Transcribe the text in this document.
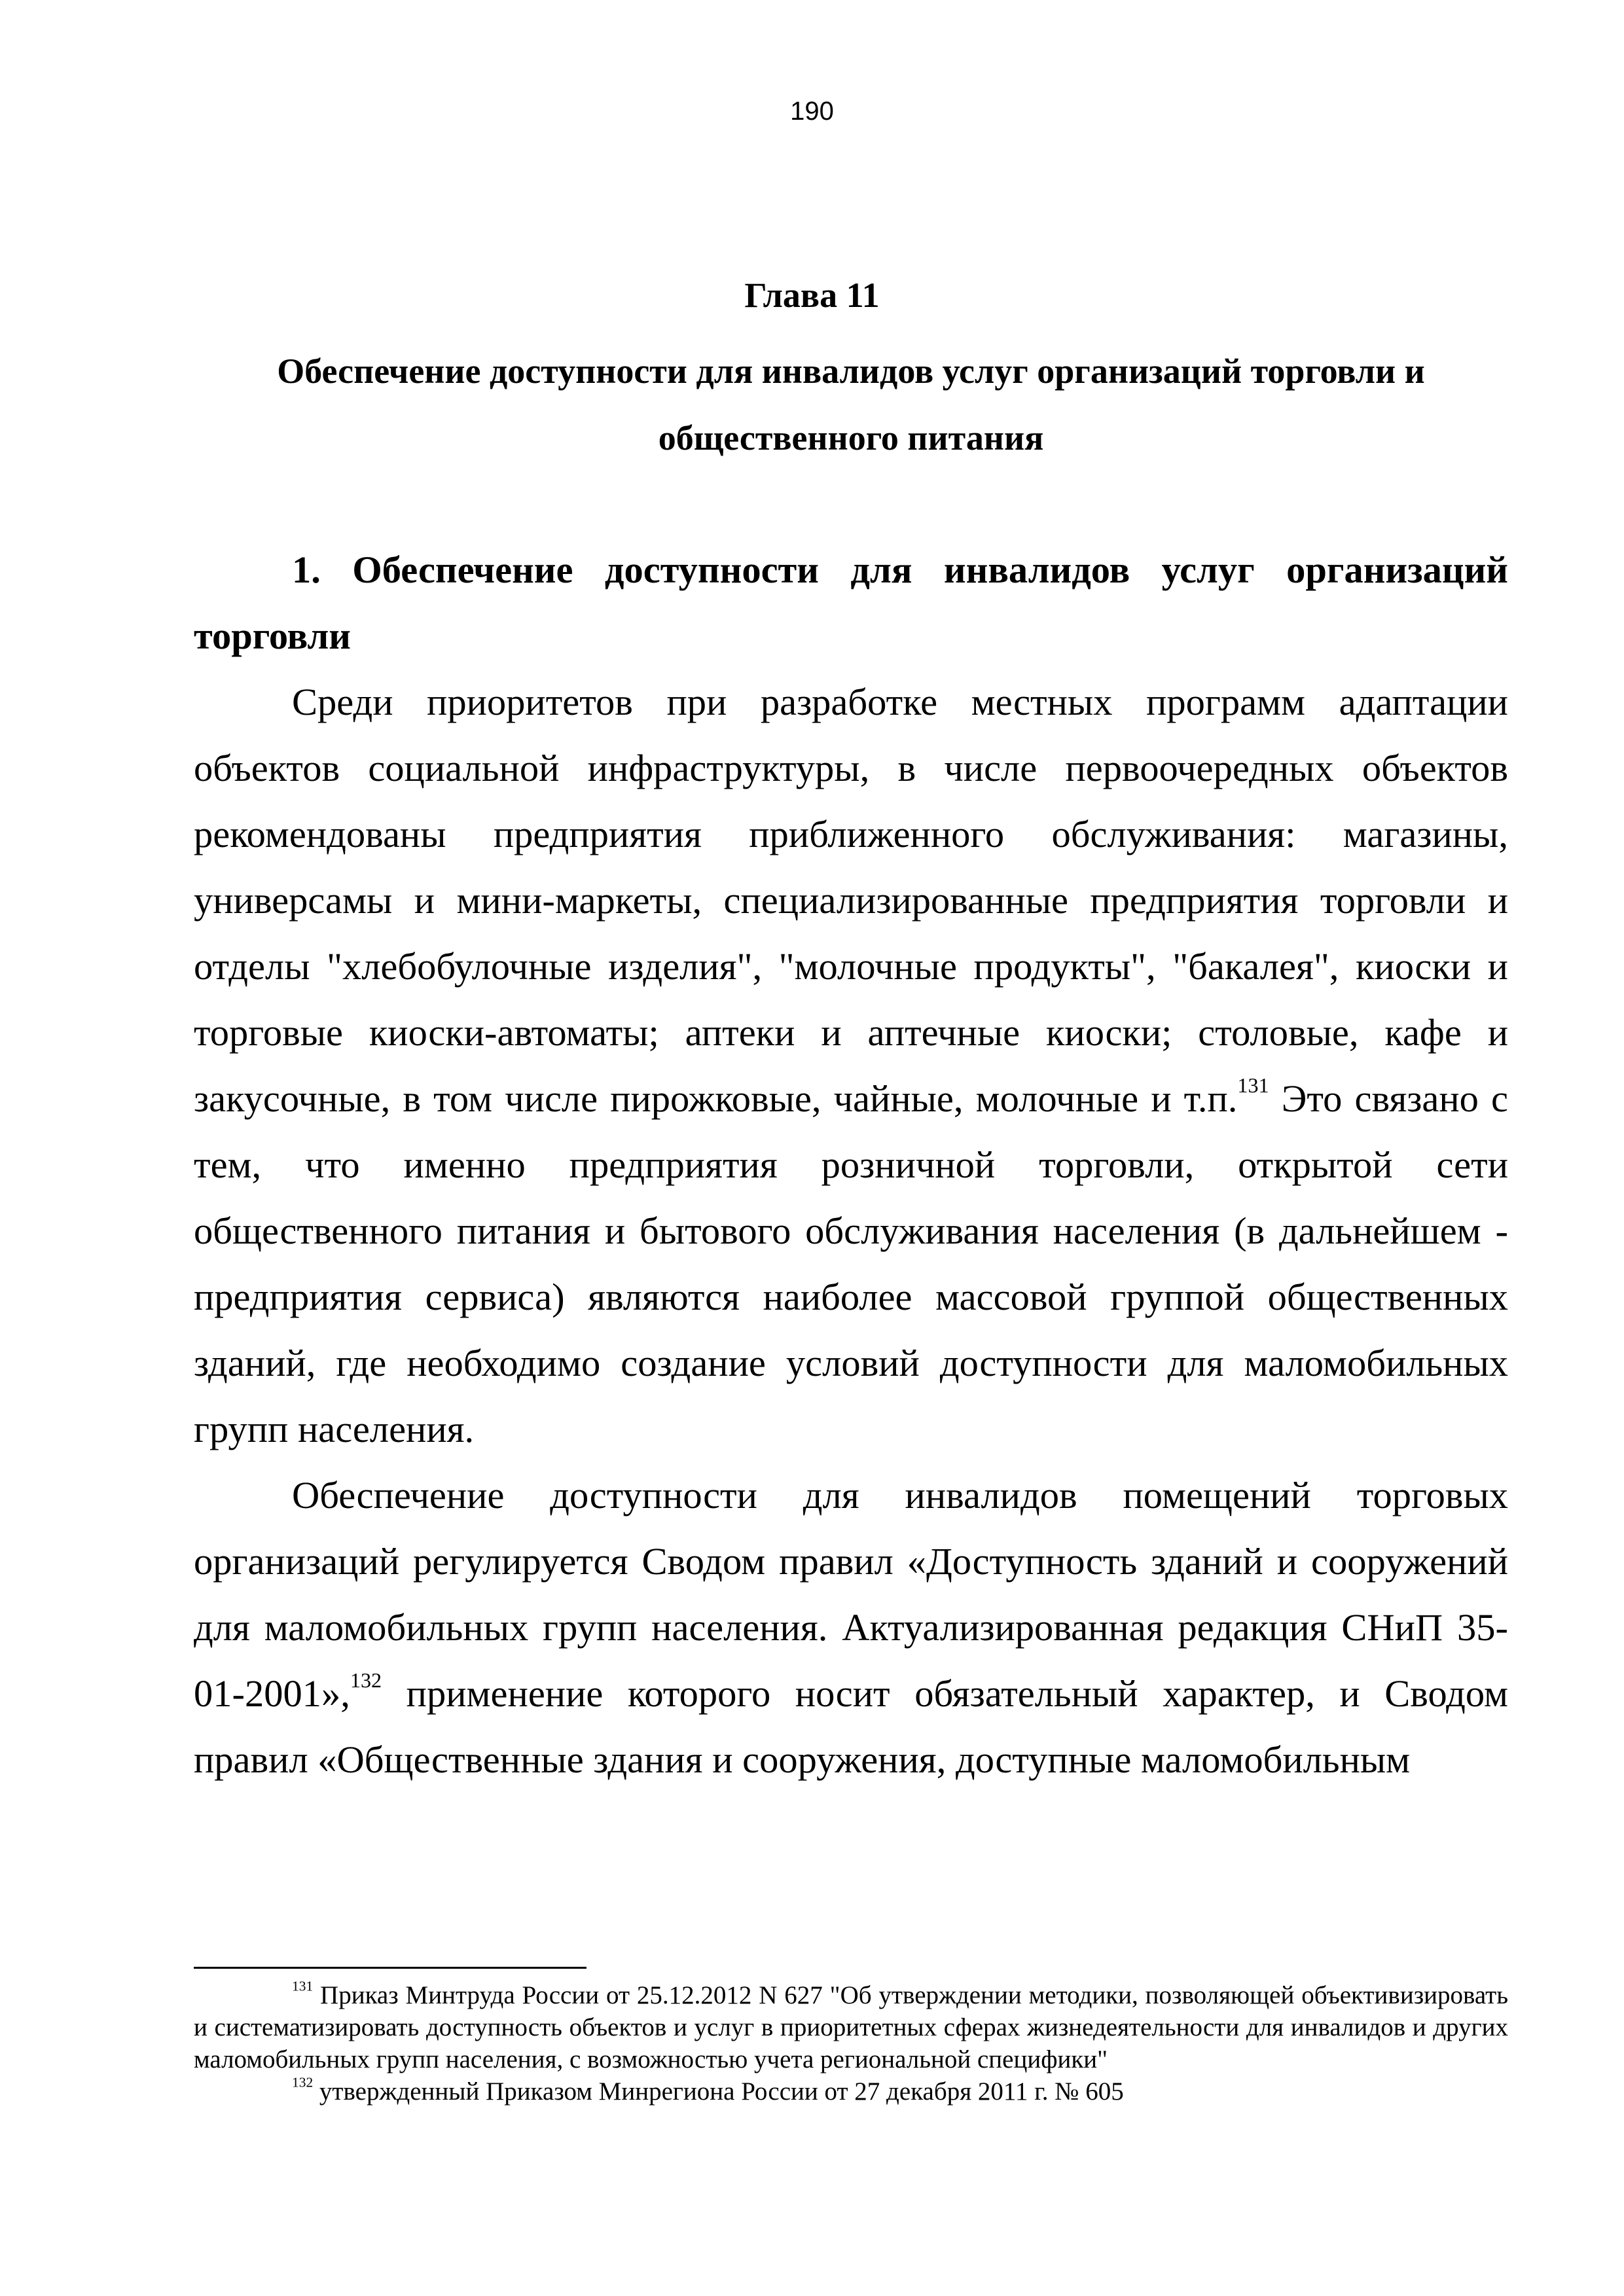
190
Глава 11
Обеспечение доступности для инвалидов услуг организаций торговли и общественного питания

1. Обеспечение доступности для инвалидов услуг организаций торговли

Среди приоритетов при разработке местных программ адаптации объектов социальной инфраструктуры, в числе первоочередных объектов рекомендованы предприятия приближенного обслуживания: магазины, универсамы и мини-маркеты, специализированные предприятия торговли и отделы "хлебобулочные изделия", "молочные продукты", "бакалея", киоски и торговые киоски-автоматы; аптеки и аптечные киоски; столовые, кафе и закусочные, в том числе пирожковые, чайные, молочные и т.п.$^{131}$ Это связано с тем, что именно предприятия розничной торговли, открытой сети общественного питания и бытового обслуживания населения (в дальнейшем - предприятия сервиса) являются наиболее массовой группой общественных зданий, где необходимо создание условий доступности для маломобильных групп населения.

Обеспечение доступности для инвалидов помещений торговых организаций регулируется Сводом правил «Доступность зданий и сооружений для маломобильных групп населения. Актуализированная редакция СНиП 35-01-2001»,$^{132}$ применение которого носит обязательный характер, и Сводом правил «Общественные здания и сооружения, доступные маломобильным

$^{131}$ Приказ Минтруда России от 25.12.2012 N 627 "Об утверждении методики, позволяющей объективизировать и систематизировать доступность объектов и услуг в приоритетных сферах жизнедеятельности для инвалидов и других маломобильных групп населения, с возможностью учета региональной специфики"

$^{132}$ утвержденный Приказом Минрегиона России от 27 декабря 2011 г. № 605
